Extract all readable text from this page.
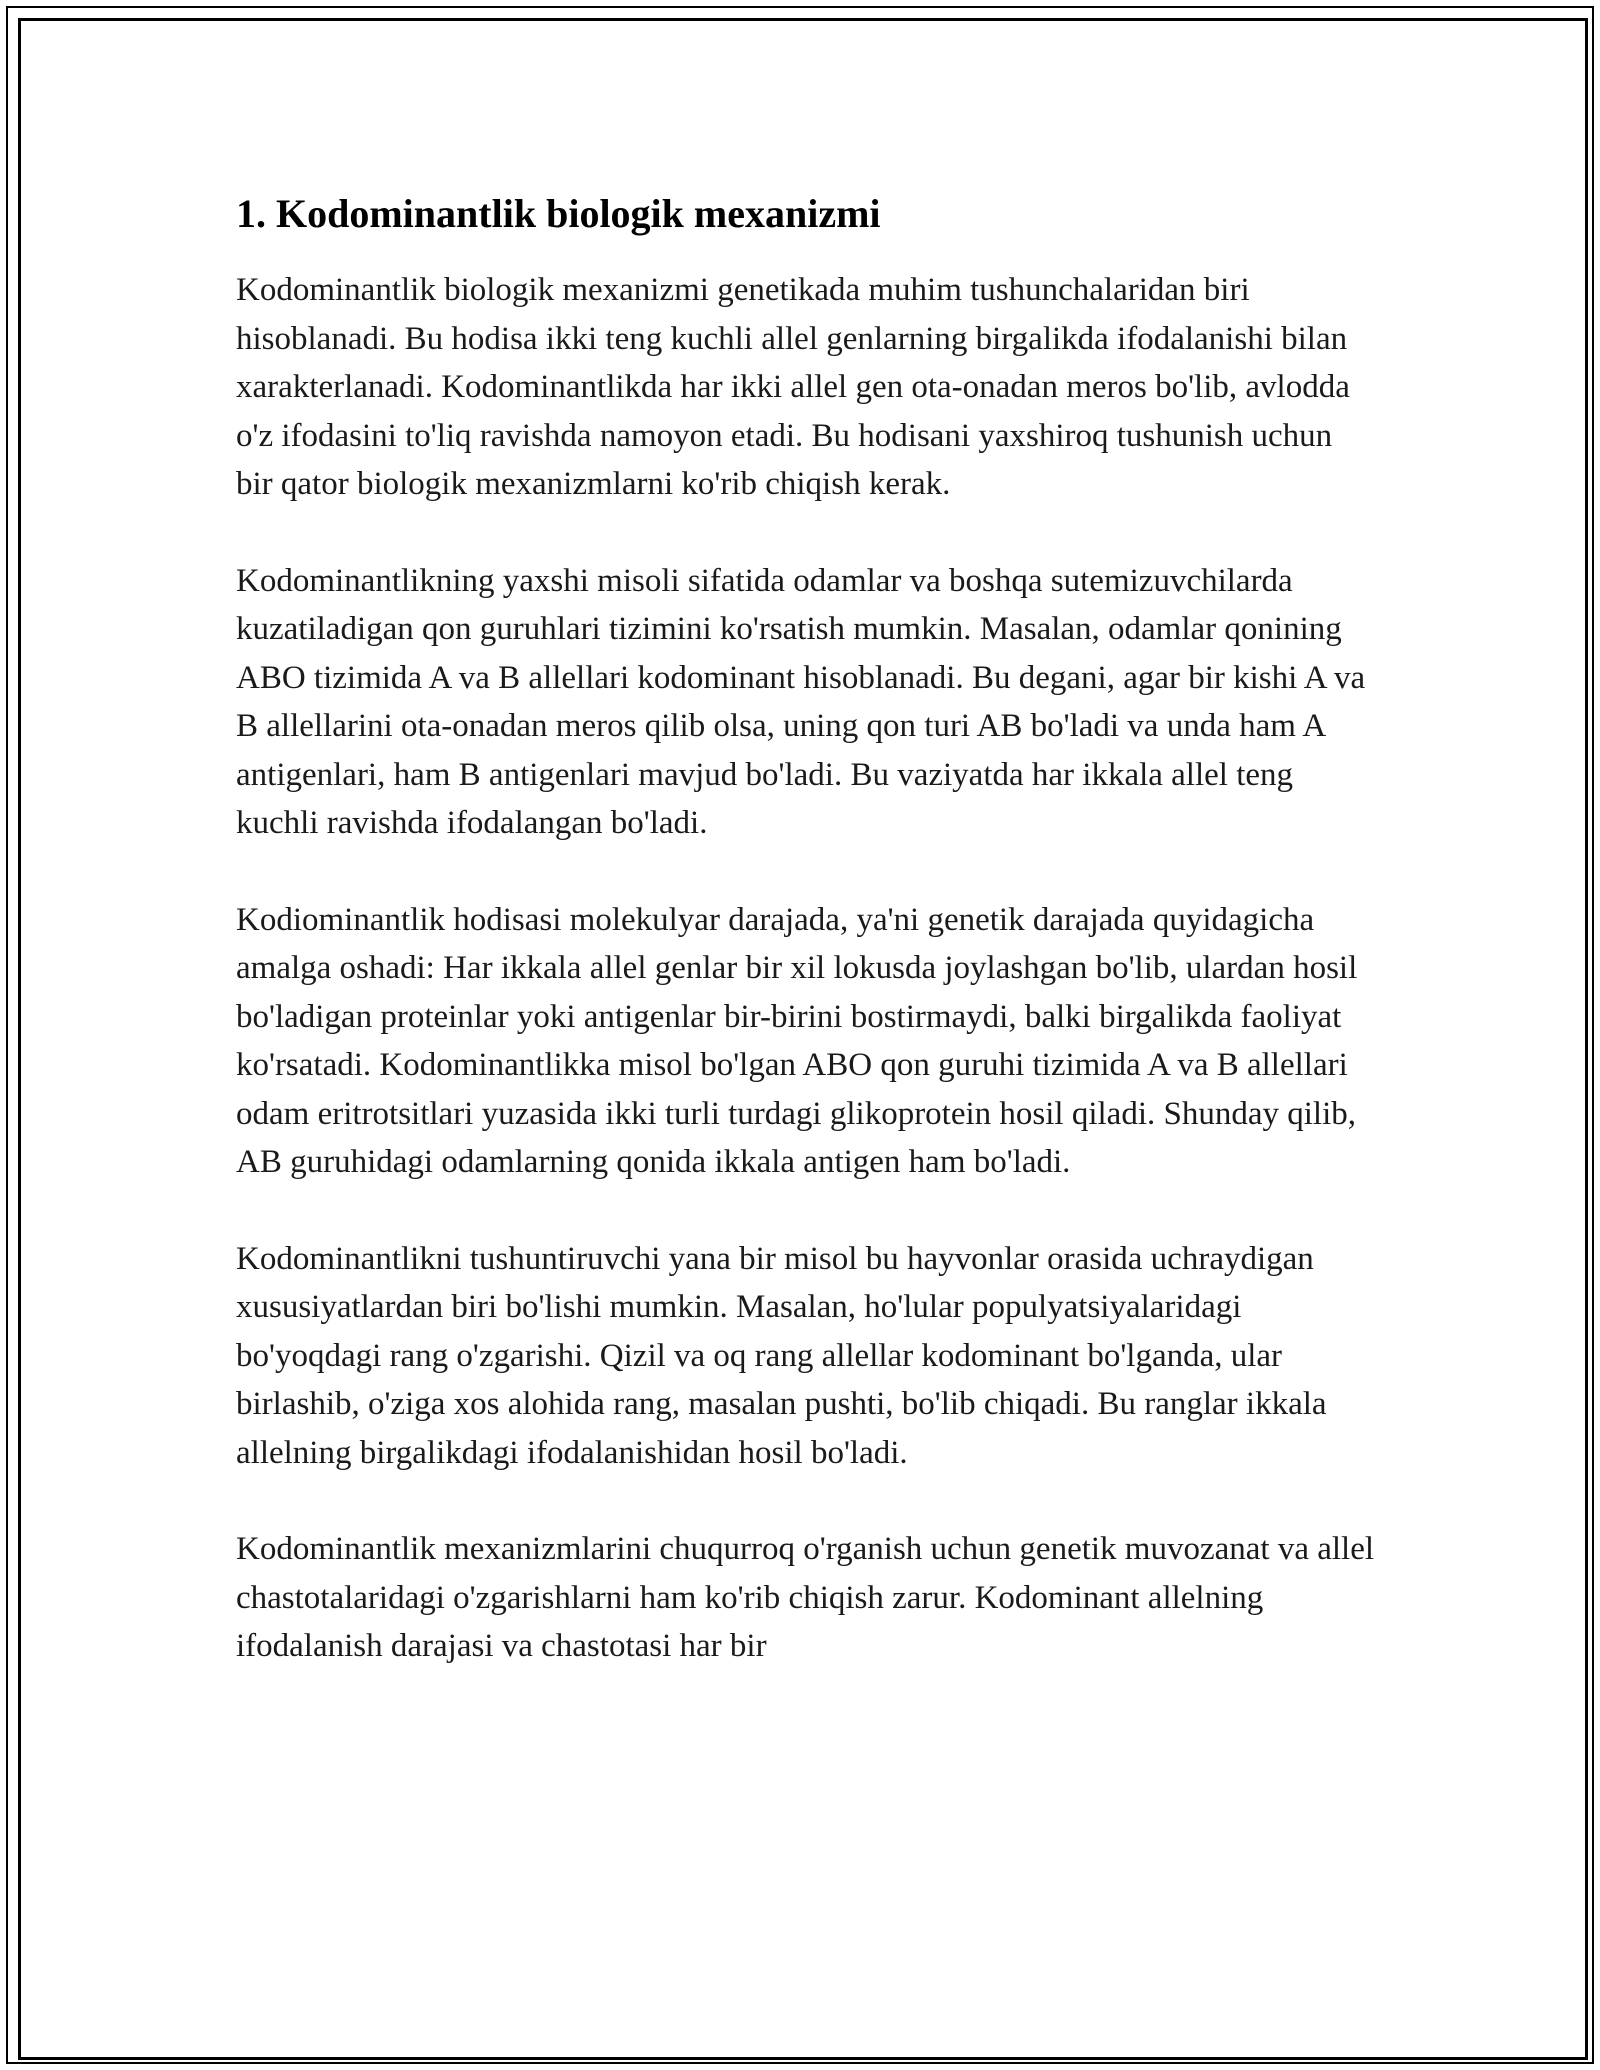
1. Kodominantlik biologik mexanizmi

Kodominantlik biologik mexanizmi genetikada muhim tushunchalaridan biri hisoblanadi. Bu hodisa ikki teng kuchli allel genlarning birgalikda ifodalanishi bilan xarakterlanadi. Kodominantlikda har ikki allel gen ota-onadan meros bo'lib, avlodda o'z ifodasini to'liq ravishda namoyon etadi. Bu hodisani yaxshiroq tushunish uchun bir qator biologik mexanizmlarni ko'rib chiqish kerak.

Kodominantlikning yaxshi misoli sifatida odamlar va boshqa sutemizuvchilarda kuzatiladigan qon guruhlari tizimini ko'rsatish mumkin. Masalan, odamlar qonining ABO tizimida A va B allellari kodominant hisoblanadi. Bu degani, agar bir kishi A va B allellarini ota-onadan meros qilib olsa, uning qon turi AB bo'ladi va unda ham A antigenlari, ham B antigenlari mavjud bo'ladi. Bu vaziyatda har ikkala allel teng kuchli ravishda ifodalangan bo'ladi.

Kodiominantlik hodisasi molekulyar darajada, ya'ni genetik darajada quyidagicha amalga oshadi: Har ikkala allel genlar bir xil lokusda joylashgan bo'lib, ulardan hosil bo'ladigan proteinlar yoki antigenlar bir-birini bostirmaydi, balki birgalikda faoliyat ko'rsatadi. Kodominantlikka misol bo'lgan ABO qon guruhi tizimida A va B allellari odam eritrotsitlari yuzasida ikki turli turdagi glikoprotein hosil qiladi. Shunday qilib, AB guruhidagi odamlarning qonida ikkala antigen ham bo'ladi.

Kodominantlikni tushuntiruvchi yana bir misol bu hayvonlar orasida uchraydigan xususiyatlardan biri bo'lishi mumkin. Masalan, ho'lular populyatsiyalaridagi bo'yoqdagi rang o'zgarishi. Qizil va oq rang allellar kodominant bo'lganda, ular birlashib, o'ziga xos alohida rang, masalan pushti, bo'lib chiqadi. Bu ranglar ikkala allelning birgalikdagi ifodalanishidan hosil bo'ladi.

Kodominantlik mexanizmlarini chuqurroq o'rganish uchun genetik muvozanat va allel chastotalaridagi o'zgarishlarni ham ko'rib chiqish zarur. Kodominant allelning ifodalanish darajasi va chastotasi har bir
